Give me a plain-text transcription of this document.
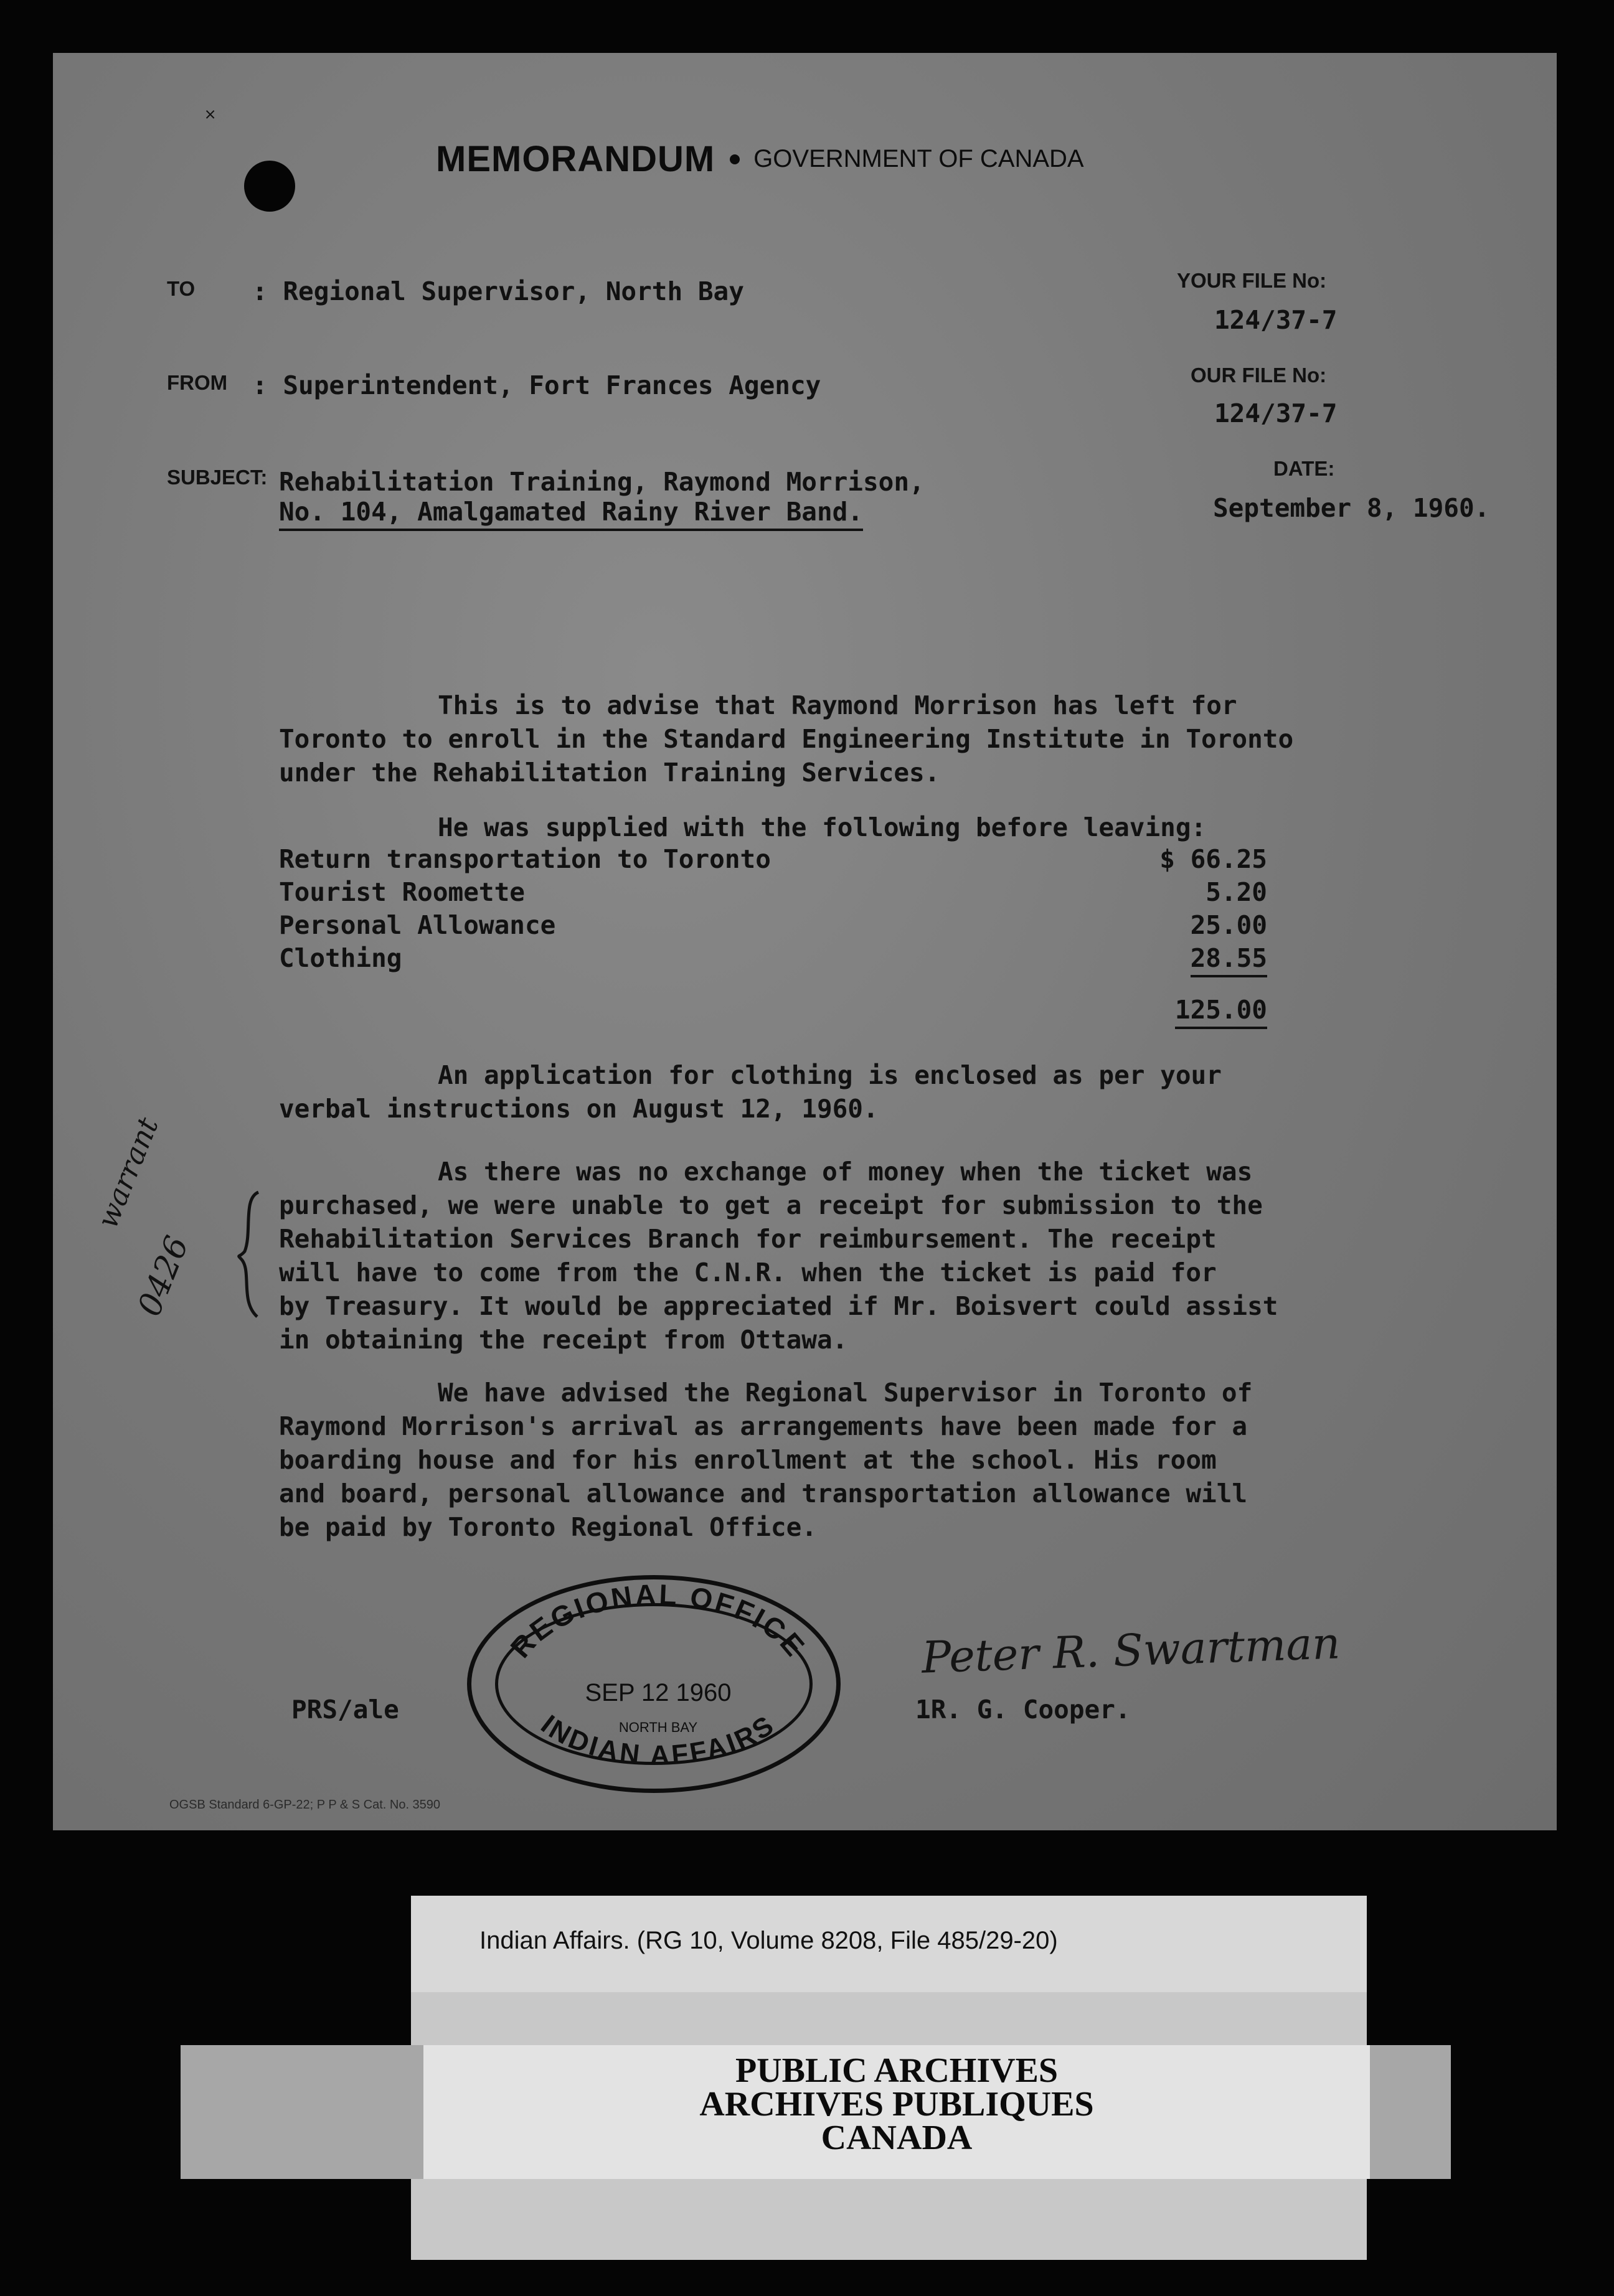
˟
MEMORANDUM GOVERNMENT OF CANADA
TO : Regional Supervisor, North Bay
FROM : Superintendent, Fort Frances Agency
SUBJECT: Rehabilitation Training, Raymond Morrison,
No. 104, Amalgamated Rainy River Band.
YOUR FILE No:
124/37-7
OUR FILE No:
124/37-7
DATE:
September 8, 1960.
This is to advise that Raymond Morrison has left for
Toronto to enroll in the Standard Engineering Institute in Toronto
under the Rehabilitation Training Services.
He was supplied with the following before leaving:
Return transportation to Toronto	$ 66.25
Tourist Roomette	5.20
Personal Allowance	25.00
Clothing	28.55
125.00
An application for clothing is enclosed as per your
verbal instructions on August 12, 1960.
As there was no exchange of money when the ticket was
purchased, we were unable to get a receipt for submission to the
Rehabilitation Services Branch for reimbursement. The receipt
will have to come from the C.N.R. when the ticket is paid for
by Treasury. It would be appreciated if Mr. Boisvert could assist
in obtaining the receipt from Ottawa.
warrant
0426
We have advised the Regional Supervisor in Toronto of
Raymond Morrison's arrival as arrangements have been made for a
boarding house and for his enrollment at the school. His room
and board, personal allowance and transportation allowance will
be paid by Toronto Regional Office.
REGIONAL OFFICE
INDIAN AFFAIRS
SEP 12 1960
NORTH BAY
Peter R. Swartman
1R. G. Cooper.
PRS/ale
OGSB Standard 6-GP-22; P P & S Cat. No. 3590
Indian Affairs. (RG 10, Volume 8208, File 485/29-20)
PUBLIC ARCHIVES
ARCHIVES PUBLIQUES
CANADA
